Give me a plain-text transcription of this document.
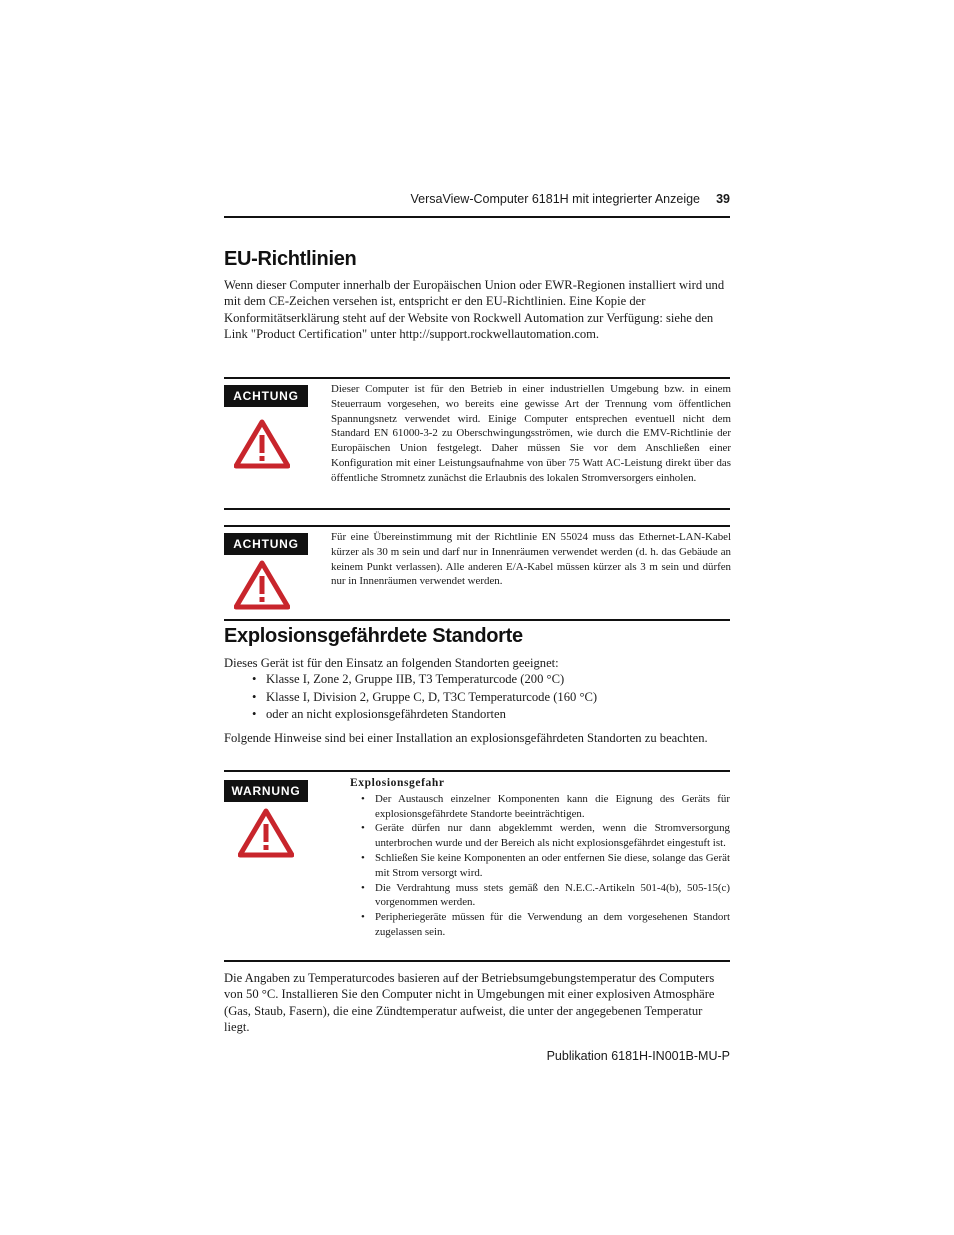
VersaView-Computer 6181H mit integrierter Anzeige 39
EU-Richtlinien

Wenn dieser Computer innerhalb der Europäischen Union oder EWR-Regionen installiert wird und mit dem CE-Zeichen versehen ist, entspricht er den EU-Richtlinien. Eine Kopie der Konformitätserklärung steht auf der Website von Rockwell Automation zur Verfügung: siehe den Link "Product Certification" unter http://support.rockwellautomation.com.

ACHTUNG	Dieser Computer ist für den Betrieb in einer industriellen Umgebung bzw. in einem Steuerraum vorgesehen, wo bereits eine gewisse Art der Trennung vom öffentlichen Spannungsnetz verwendet wird. Einige Computer entsprechen eventuell nicht dem Standard EN 61000-3-2 zu Oberschwingungsströmen, wie durch die EMV-Richtlinie der Europäischen Union festgelegt. Daher müssen Sie vor dem Anschließen einer Konfiguration mit einer Leistungsaufnahme von über 75 Watt AC-Leistung direkt über das öffentliche Stromnetz zunächst die Erlaubnis des lokalen Stromversorgers einholen.
ACHTUNG	Für eine Übereinstimmung mit der Richtlinie EN 55024 muss das Ethernet-LAN-Kabel kürzer als 30 m sein und darf nur in Innenräumen verwendet werden (d. h. das Gebäude an keinem Punkt verlassen). Alle anderen E/A-Kabel müssen kürzer als 3 m sein und dürfen nur in Innenräumen verwendet werden.
Explosionsgefährdete Standorte

Dieses Gerät ist für den Einsatz an folgenden Standorten geeignet:

• Klasse I, Zone 2, Gruppe IIB, T3 Temperaturcode (200 °C)
• Klasse I, Division 2, Gruppe C, D, T3C Temperaturcode (160 °C)
• oder an nicht explosionsgefährdeten Standorten

Folgende Hinweise sind bei einer Installation an explosionsgefährdeten Standorten zu beachten.

WARNUNG
Explosionsgefahr
• Der Austausch einzelner Komponenten kann die Eignung des Geräts für explosionsgefährdete Standorte beeinträchtigen.
• Geräte dürfen nur dann abgeklemmt werden, wenn die Stromversorgung unterbrochen wurde und der Bereich als nicht explosionsgefährdet eingestuft ist.
• Schließen Sie keine Komponenten an oder entfernen Sie diese, solange das Gerät mit Strom versorgt wird.
• Die Verdrahtung muss stets gemäß den N.E.C.-Artikeln 501-4(b), 505-15(c) vorgenommen werden.
• Peripheriegeräte müssen für die Verwendung an dem vorgesehenen Standort zugelassen sein.

Die Angaben zu Temperaturcodes basieren auf der Betriebsumgebungstemperatur des Computers von 50 °C. Installieren Sie den Computer nicht in Umgebungen mit einer explosiven Atmosphäre (Gas, Staub, Fasern), die eine Zündtemperatur aufweist, die unter der angegebenen Temperatur liegt.

Publikation 6181H-IN001B-MU-P
